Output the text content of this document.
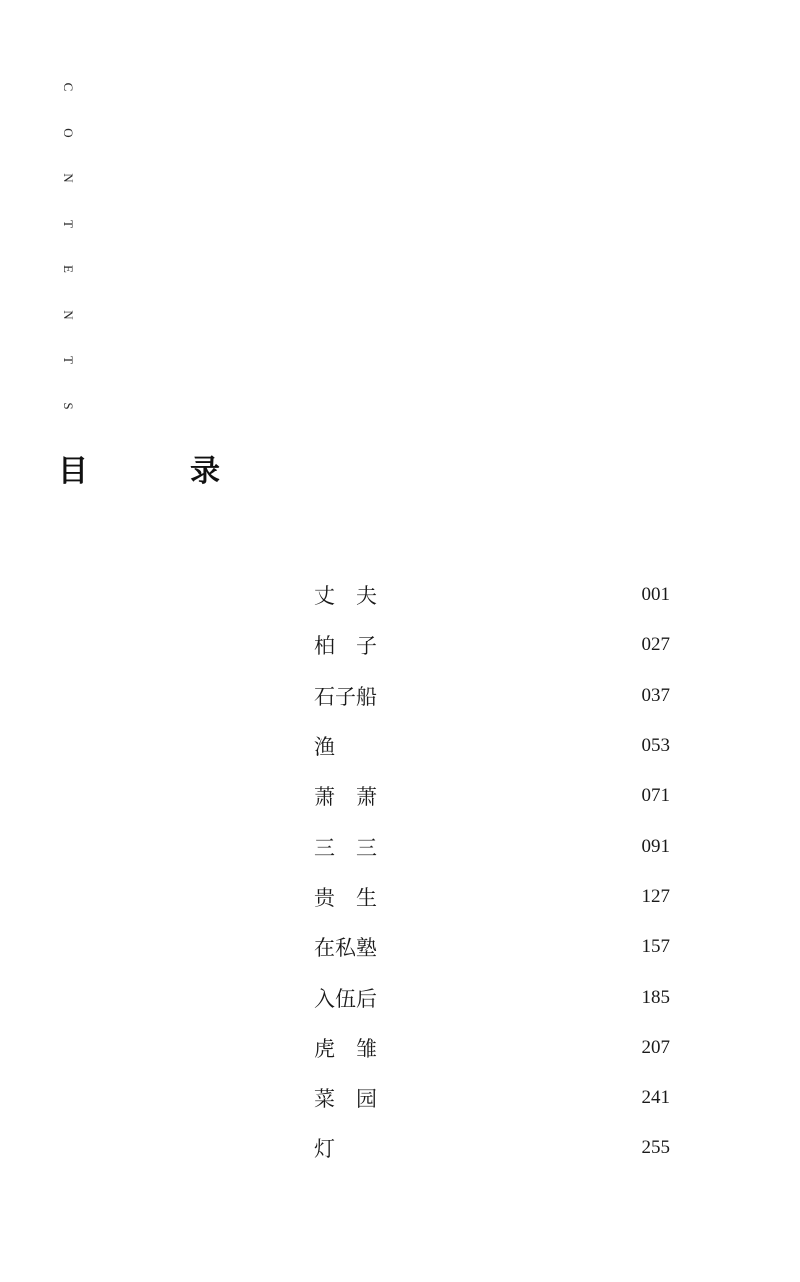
C
O
N
T
E
N
T
S
目　录
丈　夫	001
柏　子	027
石子船	037
渔	053
萧　萧	071
三　三	091
贵　生	127
在私塾	157
入伍后	185
虎　雏	207
菜　园	241
灯	255
